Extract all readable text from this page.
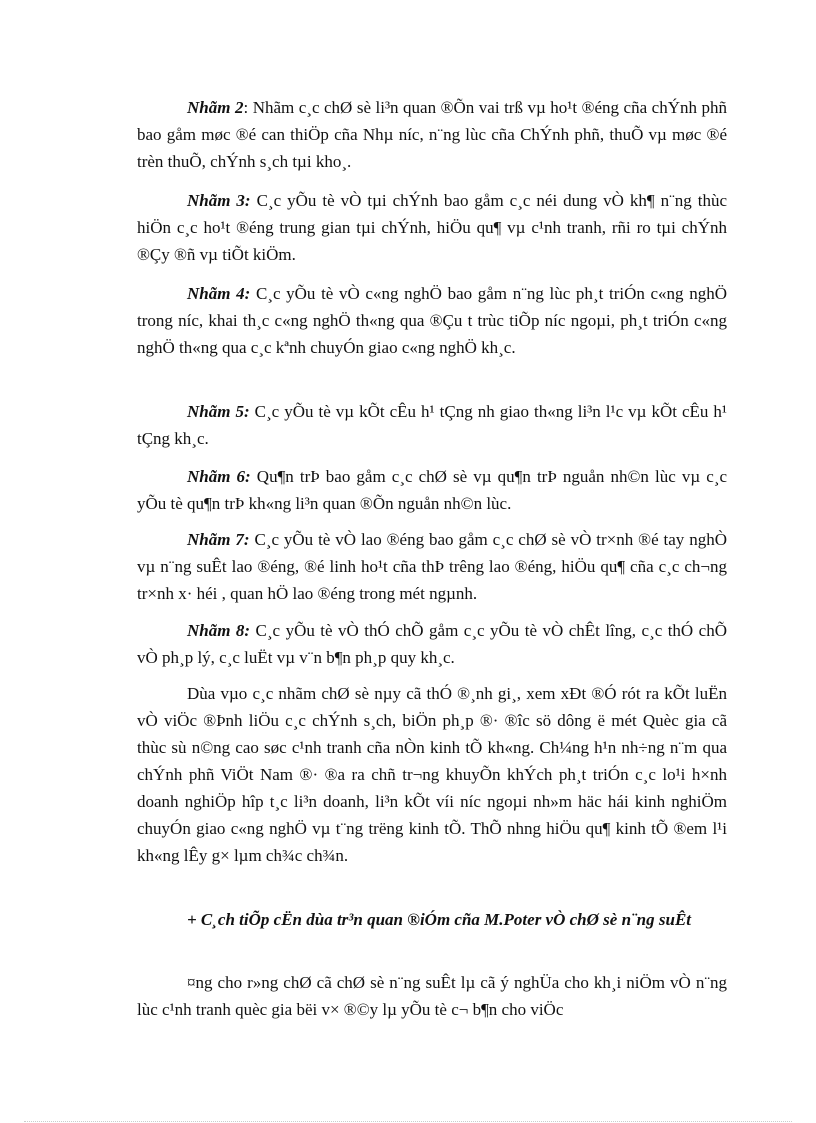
Nhãm 2: Nhãm c¸c chØ sè li³n quan ®Õn vai trß vµ ho¹t ®éng cña chÝnh phñ bao gåm møc ®é can thiÖp cña Nhµ níc, n¨ng lùc cña ChÝnh phñ, thuÕ vµ møc ®é trèn thuÕ, chÝnh s¸ch tµi kho¸.

Nhãm 3: C¸c yÕu tè vÒ tµi chÝnh bao gåm c¸c néi dung vÒ kh¶ n¨ng thùc hiÖn c¸c ho¹t ®éng trung gian tµi chÝnh, hiÖu qu¶ vµ c¹nh tranh, rñi ro tµi chÝnh ®Çy ®ñ vµ tiÕt kiÖm.

Nhãm 4: C¸c yÕu tè vÒ c«ng nghÖ bao gåm n¨ng lùc ph¸t triÓn c«ng nghÖ trong níc, khai th¸c c«ng nghÖ th«ng qua ®Çu t trùc tiÕp níc ngoµi, ph¸t triÓn c«ng nghÖ th«ng qua c¸c kªnh chuyÓn giao c«ng nghÖ kh¸c.

Nhãm 5: C¸c yÕu tè vµ kÕt cÊu h¹ tÇng nh giao th«ng li³n l¹c vµ kÕt cÊu h¹ tÇng kh¸c.

Nhãm 6: Qu¶n trÞ bao gåm c¸c chØ sè vµ qu¶n trÞ nguån nh©n lùc vµ c¸c yÕu tè qu¶n trÞ kh«ng li³n quan ®Õn nguån nh©n lùc.

Nhãm 7: C¸c yÕu tè vÒ lao ®éng bao gåm c¸c chØ sè vÒ tr×nh ®é tay nghÒ vµ n¨ng suÊt lao ®éng, ®é linh ho¹t cña thÞ trêng lao ®éng, hiÖu qu¶ cña c¸c ch¬ng tr×nh x· héi , quan hÖ lao ®éng trong mét ngµnh.

Nhãm 8: C¸c yÕu tè vÒ thÓ chÕ gåm c¸c yÕu tè vÒ chÊt lîng, c¸c thÓ chÕ vÒ ph¸p lý, c¸c luËt vµ v¨n b¶n ph¸p quy kh¸c.

Dùa vµo c¸c nhãm chØ sè nµy cã thÓ ®¸nh gi¸, xem xÐt ®Ó rót ra kÕt luËn vÒ viÖc ®Þnh liÖu c¸c chÝnh s¸ch, biÖn ph¸p ®· ®îc sö dông ë mét Quèc gia cã thùc sù n©ng cao søc c¹nh tranh cña nÒn kinh tÕ kh«ng. Ch¼ng h¹n nh÷ng n¨m qua chÝnh phñ ViÖt Nam ®· ®a ra chñ tr¬ng khuyÕn khÝch ph¸t triÓn c¸c lo¹i h×nh doanh nghiÖp hîp t¸c li³n doanh, li³n kÕt víi níc ngoµi nh»m häc hái kinh nghiÖm chuyÓn giao c«ng nghÖ vµ t¨ng trëng kinh tÕ. ThÕ nhng hiÖu qu¶ kinh tÕ ®em l¹i kh«ng lÊy g× lµm ch¾c ch¾n.

+ C¸ch tiÕp cËn dùa tr³n quan ®iÓm cña M.Poter vÒ chØ sè n¨ng suÊt

¤ng cho r»ng chØ cã chØ sè n¨ng suÊt lµ cã ý nghÜa cho kh¸i niÖm vÒ n¨ng lùc c¹nh tranh quèc gia bëi v× ®©y lµ yÕu tè c¬ b¶n cho viÖc
